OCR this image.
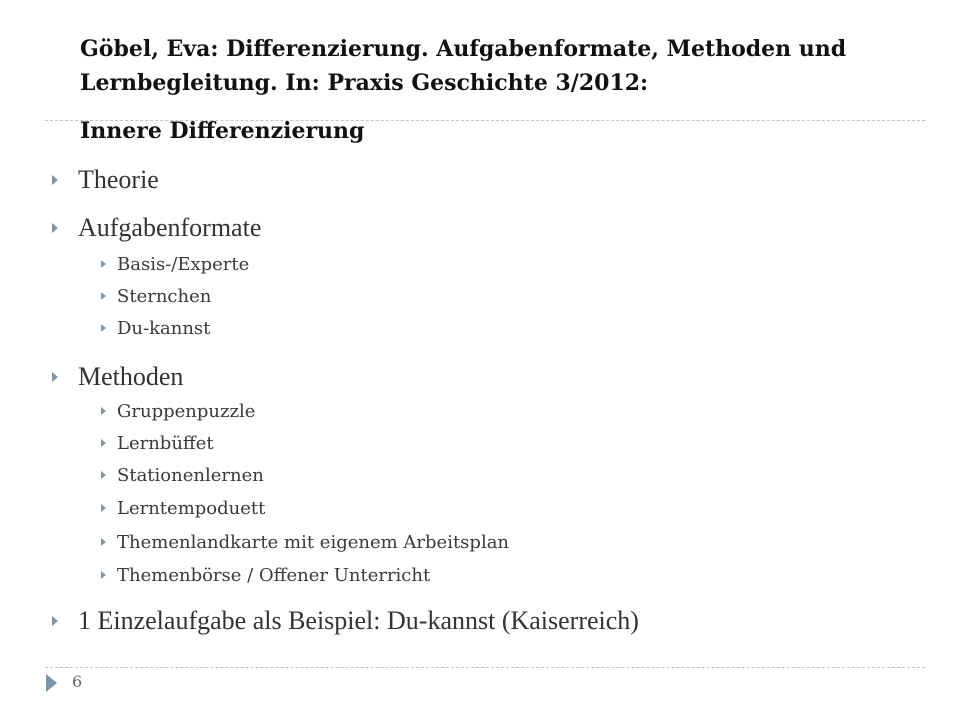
Göbel, Eva: Differenzierung. Aufgabenformate, Methoden und

Lernbegleitung. In: Praxis Geschichte 3/2012:

Innere Differenzierung

Theorie
Aufgabenformate
Basis-/Experte
Sternchen
Du-kannst
Methoden
Gruppenpuzzle
Lernbüffet
Stationenlernen
Lerntempoduett
Themenlandkarte mit eigenem Arbeitsplan
Themenbörse / Offener Unterricht
1 Einzelaufgabe als Beispiel: Du-kannst (Kaiserreich)
6
